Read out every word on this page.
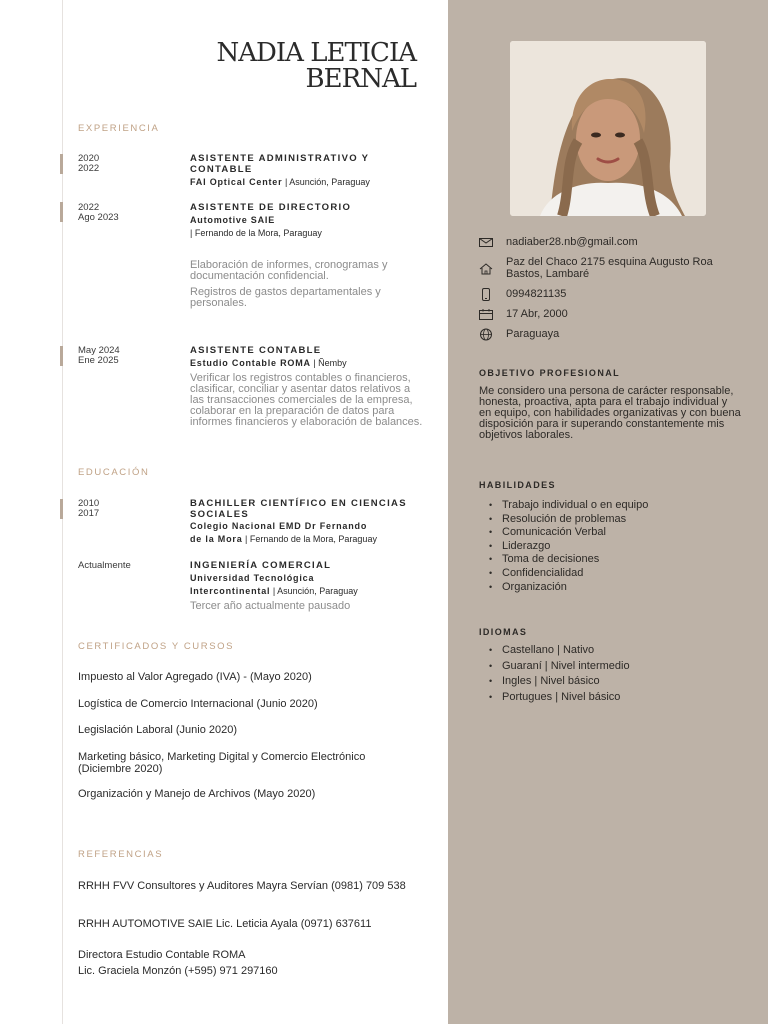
NADIA LETICIA
BERNAL
EXPERIENCIA
2020
2022
ASISTENTE ADMINISTRATIVO Y CONTABLE
FAI Optical Center | Asunción, Paraguay
2022
Ago 2023
ASISTENTE DE DIRECTORIO
Automotive SAIE
| Fernando de la Mora, Paraguay
Elaboración de informes, cronogramas y documentación confidencial.
Registros de gastos departamentales y personales.
May 2024
Ene 2025
ASISTENTE CONTABLE
Estudio Contable ROMA | Ñemby
Verificar los registros contables o financieros, clasificar, conciliar y asentar datos relativos a las transacciones comerciales de la empresa, colaborar en la preparación de datos para informes financieros y elaboración de balances.
EDUCACIÓN
2010
2017
BACHILLER CIENTÍFICO EN CIENCIAS SOCIALES
Colegio Nacional EMD Dr Fernando
de la Mora | Fernando de la Mora, Paraguay
Actualmente	INGENIERÍA COMERCIAL
Universidad Tecnológica
Intercontinental | Asunción, Paraguay
Tercer año actualmente pausado
CERTIFICADOS Y CURSOS
Impuesto al Valor Agregado (IVA) - (Mayo 2020)
Logística de Comercio Internacional (Junio 2020)
Legislación Laboral (Junio 2020)
Marketing básico, Marketing Digital y Comercio Electrónico (Diciembre 2020)
Organización y Manejo de Archivos (Mayo 2020)
REFERENCIAS
RRHH FVV Consultores y Auditores Mayra Servían (0981) 709 538
RRHH AUTOMOTIVE SAIE Lic. Leticia Ayala (0971) 637611
Directora Estudio Contable ROMA
Lic. Graciela Monzón (+595) 971 297160
nadiaber28.nb@gmail.com
Paz del Chaco 2175 esquina Augusto Roa Bastos, Lambaré
0994821135
17 Abr, 2000
Paraguaya
OBJETIVO PROFESIONAL
Me considero una persona de carácter responsable, honesta, proactiva, apta para el trabajo individual y en equipo, con habilidades organizativas y con buena disposición para ir superando constantemente mis objetivos laborales.
HABILIDADES
• Trabajo individual o en equipo
• Resolución de problemas
• Comunicación Verbal
• Liderazgo
• Toma de decisiones
• Confidencialidad
• Organización
IDIOMAS
• Castellano | Nativo
• Guaraní | Nivel intermedio
• Ingles | Nivel básico
• Portugues | Nivel básico
